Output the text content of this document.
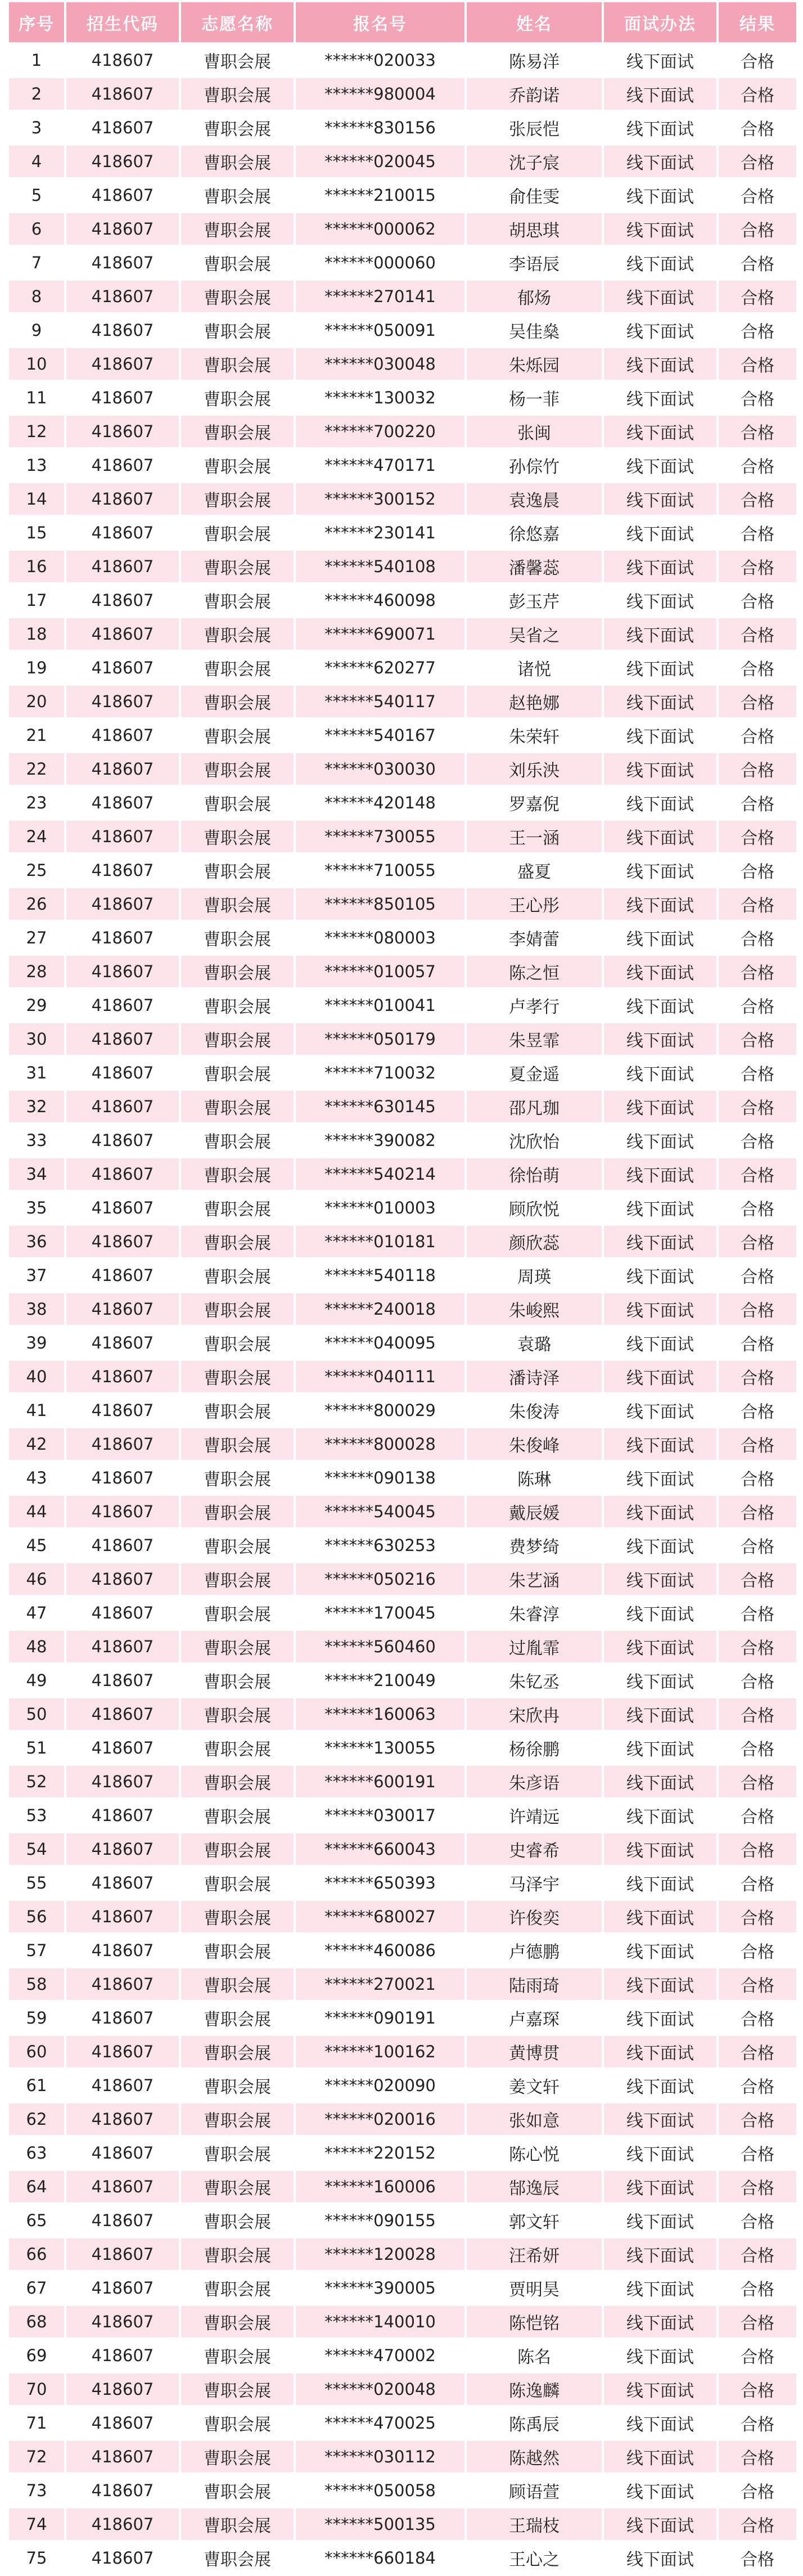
序号	招生代码	志愿名称	报名号	姓名	面试办法	结果
1	418607	曹职会展	******020033	陈易洋	线下面试	合格
2	418607	曹职会展	******980004	乔韵诺	线下面试	合格
3	418607	曹职会展	******830156	张辰恺	线下面试	合格
4	418607	曹职会展	******020045	沈子宸	线下面试	合格
5	418607	曹职会展	******210015	俞佳雯	线下面试	合格
6	418607	曹职会展	******000062	胡思琪	线下面试	合格
7	418607	曹职会展	******000060	李语辰	线下面试	合格
8	418607	曹职会展	******270141	郁炀	线下面试	合格
9	418607	曹职会展	******050091	吴佳燊	线下面试	合格
10	418607	曹职会展	******030048	朱烁园	线下面试	合格
11	418607	曹职会展	******130032	杨一菲	线下面试	合格
12	418607	曹职会展	******700220	张闽	线下面试	合格
13	418607	曹职会展	******470171	孙倧竹	线下面试	合格
14	418607	曹职会展	******300152	袁逸晨	线下面试	合格
15	418607	曹职会展	******230141	徐悠嘉	线下面试	合格
16	418607	曹职会展	******540108	潘馨蕊	线下面试	合格
17	418607	曹职会展	******460098	彭玉芹	线下面试	合格
18	418607	曹职会展	******690071	吴省之	线下面试	合格
19	418607	曹职会展	******620277	诸悦	线下面试	合格
20	418607	曹职会展	******540117	赵艳娜	线下面试	合格
21	418607	曹职会展	******540167	朱荣轩	线下面试	合格
22	418607	曹职会展	******030030	刘乐泱	线下面试	合格
23	418607	曹职会展	******420148	罗嘉倪	线下面试	合格
24	418607	曹职会展	******730055	王一涵	线下面试	合格
25	418607	曹职会展	******710055	盛夏	线下面试	合格
26	418607	曹职会展	******850105	王心彤	线下面试	合格
27	418607	曹职会展	******080003	李婧蕾	线下面试	合格
28	418607	曹职会展	******010057	陈之恒	线下面试	合格
29	418607	曹职会展	******010041	卢孝行	线下面试	合格
30	418607	曹职会展	******050179	朱昱霏	线下面试	合格
31	418607	曹职会展	******710032	夏金遥	线下面试	合格
32	418607	曹职会展	******630145	邵凡珈	线下面试	合格
33	418607	曹职会展	******390082	沈欣怡	线下面试	合格
34	418607	曹职会展	******540214	徐怡萌	线下面试	合格
35	418607	曹职会展	******010003	顾欣悦	线下面试	合格
36	418607	曹职会展	******010181	颜欣蕊	线下面试	合格
37	418607	曹职会展	******540118	周瑛	线下面试	合格
38	418607	曹职会展	******240018	朱峻熙	线下面试	合格
39	418607	曹职会展	******040095	袁璐	线下面试	合格
40	418607	曹职会展	******040111	潘诗泽	线下面试	合格
41	418607	曹职会展	******800029	朱俊涛	线下面试	合格
42	418607	曹职会展	******800028	朱俊峰	线下面试	合格
43	418607	曹职会展	******090138	陈琳	线下面试	合格
44	418607	曹职会展	******540045	戴辰媛	线下面试	合格
45	418607	曹职会展	******630253	费梦绮	线下面试	合格
46	418607	曹职会展	******050216	朱艺涵	线下面试	合格
47	418607	曹职会展	******170045	朱睿淳	线下面试	合格
48	418607	曹职会展	******560460	过胤霏	线下面试	合格
49	418607	曹职会展	******210049	朱钇丞	线下面试	合格
50	418607	曹职会展	******160063	宋欣冉	线下面试	合格
51	418607	曹职会展	******130055	杨徐鹏	线下面试	合格
52	418607	曹职会展	******600191	朱彦语	线下面试	合格
53	418607	曹职会展	******030017	许靖远	线下面试	合格
54	418607	曹职会展	******660043	史睿希	线下面试	合格
55	418607	曹职会展	******650393	马泽宇	线下面试	合格
56	418607	曹职会展	******680027	许俊奕	线下面试	合格
57	418607	曹职会展	******460086	卢德鹏	线下面试	合格
58	418607	曹职会展	******270021	陆雨琦	线下面试	合格
59	418607	曹职会展	******090191	卢嘉琛	线下面试	合格
60	418607	曹职会展	******100162	黄博贯	线下面试	合格
61	418607	曹职会展	******020090	姜文轩	线下面试	合格
62	418607	曹职会展	******020016	张如意	线下面试	合格
63	418607	曹职会展	******220152	陈心悦	线下面试	合格
64	418607	曹职会展	******160006	郜逸辰	线下面试	合格
65	418607	曹职会展	******090155	郭文轩	线下面试	合格
66	418607	曹职会展	******120028	汪希妍	线下面试	合格
67	418607	曹职会展	******390005	贾明昊	线下面试	合格
68	418607	曹职会展	******140010	陈恺铭	线下面试	合格
69	418607	曹职会展	******470002	陈名	线下面试	合格
70	418607	曹职会展	******020048	陈逸麟	线下面试	合格
71	418607	曹职会展	******470025	陈禹辰	线下面试	合格
72	418607	曹职会展	******030112	陈越然	线下面试	合格
73	418607	曹职会展	******050058	顾语萱	线下面试	合格
74	418607	曹职会展	******500135	王瑞枝	线下面试	合格
75	418607	曹职会展	******660184	王心之	线下面试	合格
